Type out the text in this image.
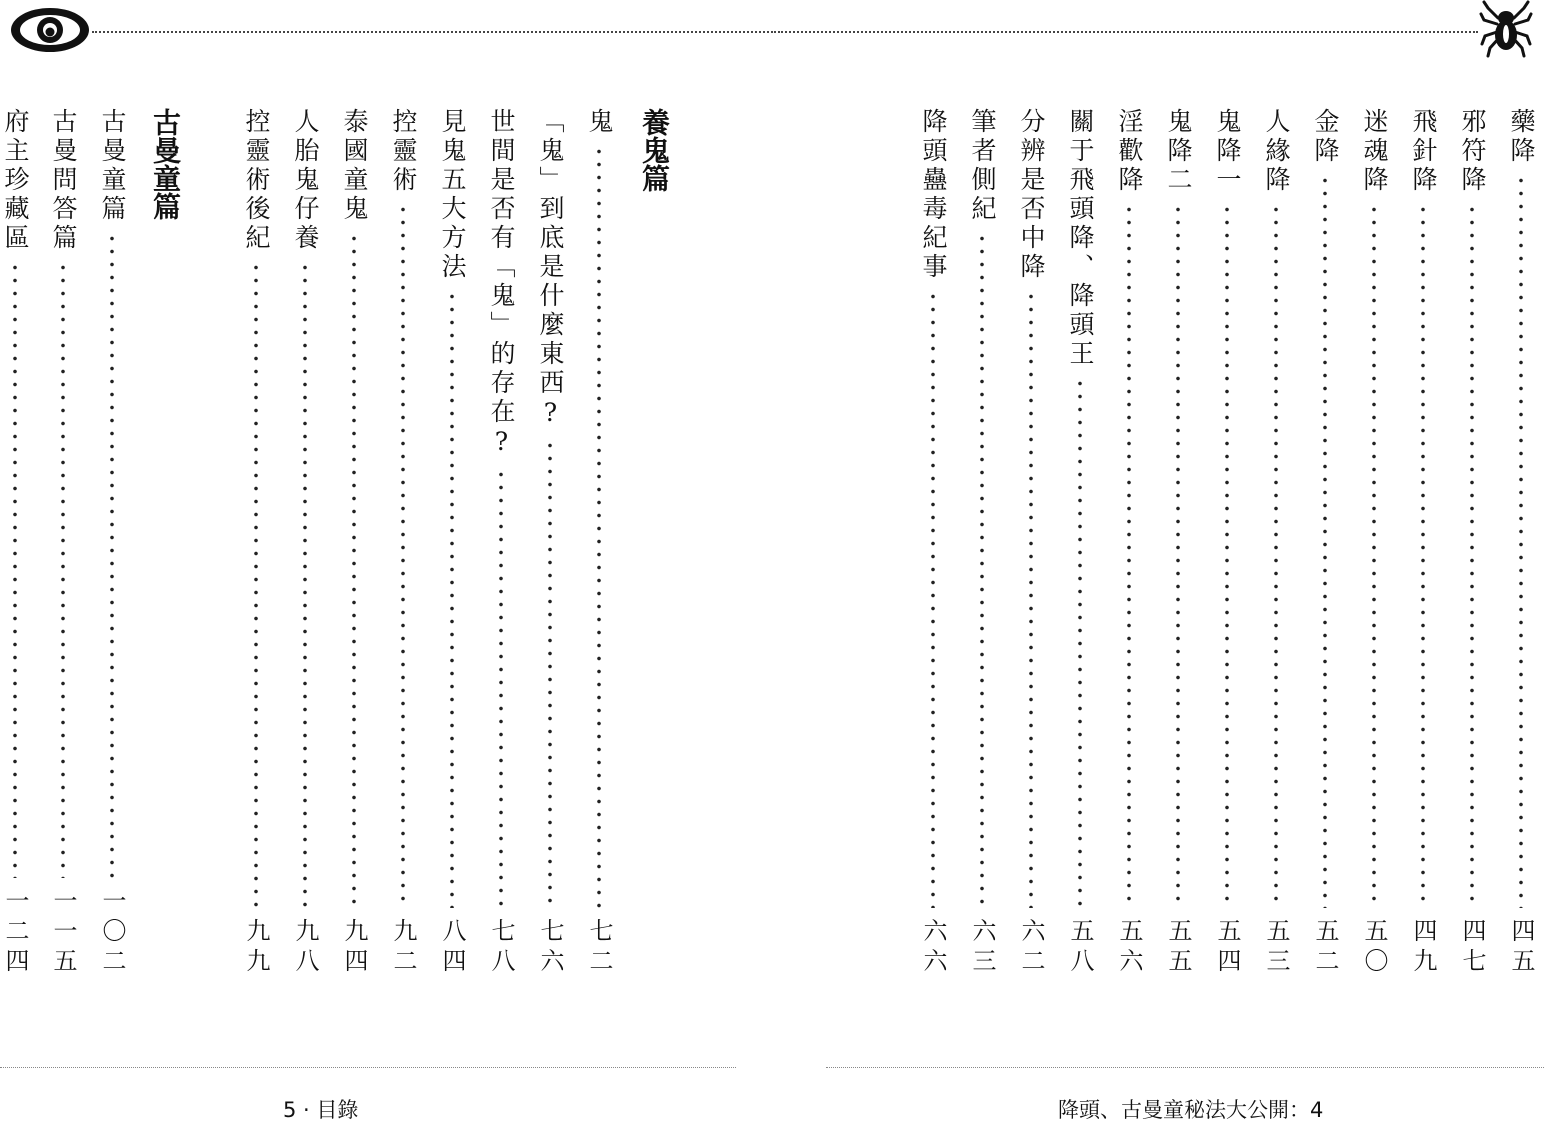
藥降
四五
邪符降
四七
飛針降
四九
迷魂降
五〇
金降
五二
人緣降
五三
鬼降一
五四
鬼降二
五五
淫歡降
五六
關于飛頭降、降頭王
五八
分辨是否中降
六二
筆者側紀
六三
降頭蠱毒紀事
六六
養鬼篇
鬼
七二
「鬼」到底是什麼東西?
七六
世間是否有「鬼」的存在?
七八
見鬼五大方法
八四
控靈術
九二
泰國童鬼
九四
人胎鬼仔養
九八
控靈術後紀
九九
古曼童篇
古曼童篇
一〇二
古曼問答篇
一一五
府主珍藏區
一二四
5 · 目錄	降頭、古曼童秘法大公開：4
